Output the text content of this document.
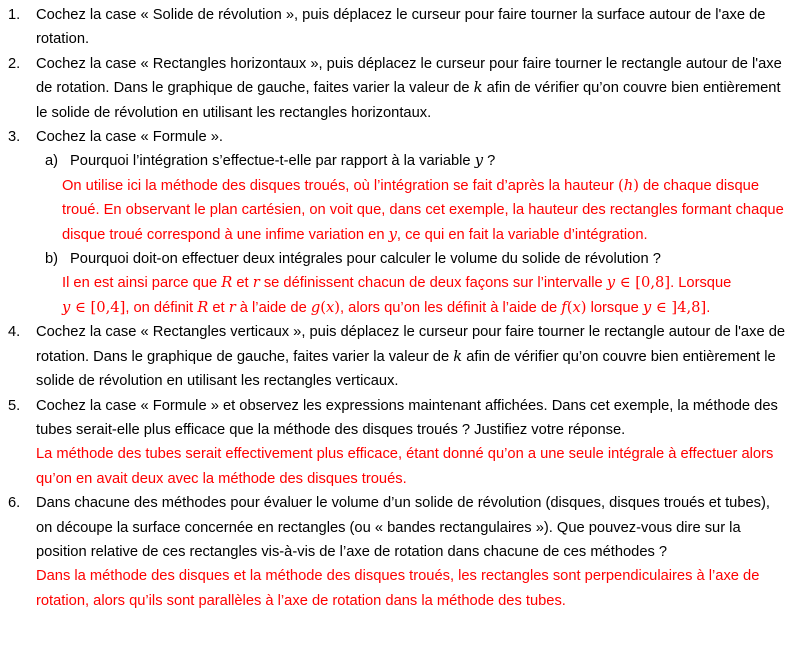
1.	Cochez la case « Solide de révolution », puis déplacez le curseur pour faire tourner la surface autour de l'axe de rotation.
2.	Cochez la case « Rectangles horizontaux », puis déplacez le curseur pour faire tourner le rectangle autour de l'axe de rotation. Dans le graphique de gauche, faites varier la valeur de k afin de vérifier qu’on couvre bien entièrement le solide de révolution en utilisant les rectangles horizontaux.
3.	Cochez la case « Formule ».
a) Pourquoi l’intégration s’effectue-t-elle par rapport à la variable y ?
On utilise ici la méthode des disques troués, où l’intégration se fait d’après la hauteur (h) de chaque disque troué. En observant le plan cartésien, on voit que, dans cet exemple, la hauteur des rectangles formant chaque disque troué correspond à une infime variation en y, ce qui en fait la variable d’intégration.
b) Pourquoi doit-on effectuer deux intégrales pour calculer le volume du solide de révolution ?
Il en est ainsi parce que R et r se définissent chacun de deux façons sur l’intervalle y ∈ [0,8]. Lorsque y ∈ [0,4], on définit R et r à l’aide de g(x), alors qu’on les définit à l’aide de f(x) lorsque y ∈ ]4,8].
4.	Cochez la case « Rectangles verticaux », puis déplacez le curseur pour faire tourner le rectangle autour de l'axe de rotation. Dans le graphique de gauche, faites varier la valeur de k afin de vérifier qu’on couvre bien entièrement le solide de révolution en utilisant les rectangles verticaux.
5.	Cochez la case « Formule » et observez les expressions maintenant affichées. Dans cet exemple, la méthode des tubes serait-elle plus efficace que la méthode des disques troués ? Justifiez votre réponse.
La méthode des tubes serait effectivement plus efficace, étant donné qu’on a une seule intégrale à effectuer alors qu’on en avait deux avec la méthode des disques troués.
6.	Dans chacune des méthodes pour évaluer le volume d’un solide de révolution (disques, disques troués et tubes), on découpe la surface concernée en rectangles (ou « bandes rectangulaires »). Que pouvez-vous dire sur la position relative de ces rectangles vis-à-vis de l’axe de rotation dans chacune de ces méthodes ?
Dans la méthode des disques et la méthode des disques troués, les rectangles sont perpendiculaires à l’axe de rotation, alors qu’ils sont parallèles à l’axe de rotation dans la méthode des tubes.
